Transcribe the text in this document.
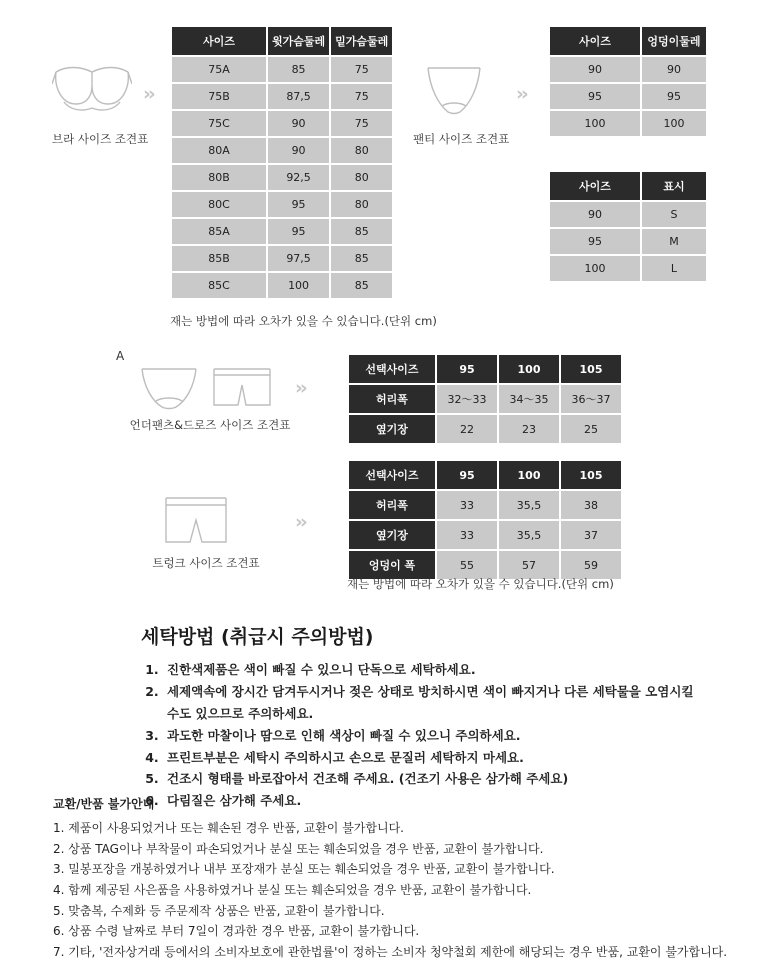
››
브라 사이즈 조견표
사이즈	윗가슴둘레	밑가슴둘레
75A	85	75
75B	87,5	75
75C	90	75
80A	90	80
80B	92,5	80
80C	95	80
85A	95	85
85B	97,5	85
85C	100	85
재는 방법에 따라 오차가 있을 수 있습니다.(단위 cm)
››
팬티 사이즈 조견표
사이즈	엉덩이둘레
90	90
95	95
100	100
사이즈	표시
90	S
95	M
100	L
A
››
언더팬츠&드로즈 사이즈 조견표
선택사이즈	95	100	105
허리폭	32〜33	34〜35	36〜37
옆기장	22	23	25
››
트렁크 사이즈 조견표
선택사이즈	95	100	105
허리폭	33	35,5	38
옆기장	33	35,5	37
엉덩이 폭	55	57	59
재는 방법에 따라 오차가 있을 수 있습니다.(단위 cm)
세탁방법 (취급시 주의방법)
1. 진한색제품은 색이 빠질 수 있으니 단독으로 세탁하세요.
2. 세제액속에 장시간 담겨두시거나 젖은 상태로 방치하시면 색이 빠지거나 다른 세탁물을 오염시킬 수도 있으므로 주의하세요.
3. 과도한 마찰이나 땀으로 인해 색상이 빠질 수 있으니 주의하세요.
4. 프린트부분은 세탁시 주의하시고 손으로 문질러 세탁하지 마세요.
5. 건조시 형태를 바로잡아서 건조해 주세요. (건조기 사용은 삼가해 주세요)
6. 다림질은 삼가해 주세요.
교환/반품 불가안내
1. 제품이 사용되었거나 또는 훼손된 경우 반품, 교환이 불가합니다.
2. 상품 TAG이나 부착물이 파손되었거나 분실 또는 훼손되었을 경우 반품, 교환이 불가합니다.
3. 밀봉포장을 개봉하였거나 내부 포장재가 분실 또는 훼손되었을 경우 반품, 교환이 불가합니다.
4. 함께 제공된 사은품을 사용하였거나 분실 또는 훼손되었을 경우 반품, 교환이 불가합니다.
5. 맞춤복, 수제화 등 주문제작 상품은 반품, 교환이 불가합니다.
6. 상품 수령 날짜로 부터 7일이 경과한 경우 반품, 교환이 불가합니다.
7. 기타, '전자상거래 등에서의 소비자보호에 관한법률'이 정하는 소비자 청약철회 제한에 해당되는 경우 반품, 교환이 불가합니다.
